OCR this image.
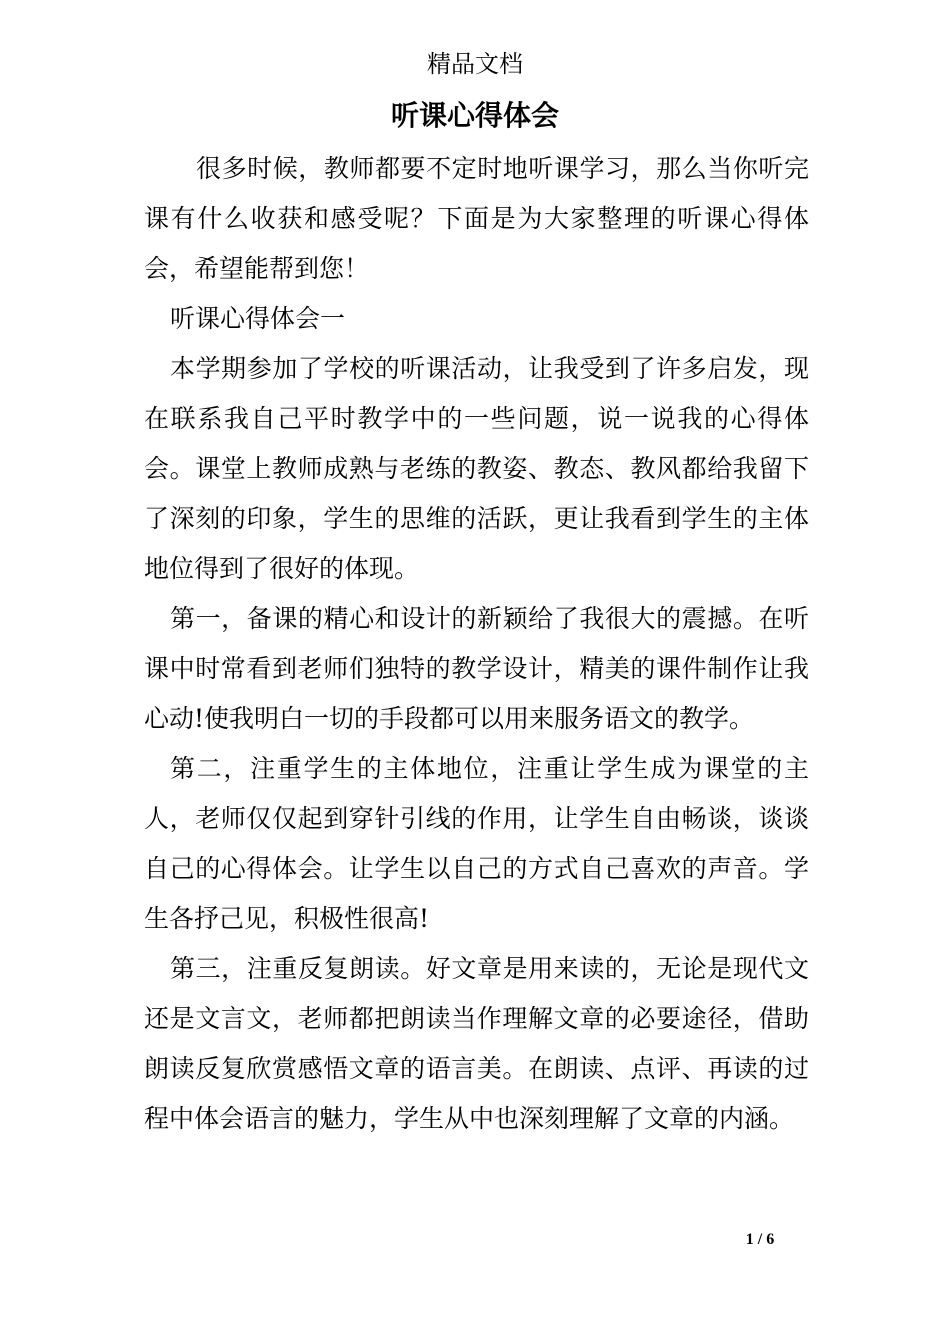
精品文档
听课心得体会

很多时候，教师都要不定时地听课学习，那么当你听完课有什么收获和感受呢？下面是为大家整理的听课心得体会，希望能帮到您！

听课心得体会一

本学期参加了学校的听课活动，让我受到了许多启发，现在联系我自己平时教学中的一些问题，说一说我的心得体会。课堂上教师成熟与老练的教姿、教态、教风都给我留下了深刻的印象，学生的思维的活跃，更让我看到学生的主体地位得到了很好的体现。

第一，备课的精心和设计的新颖给了我很大的震撼。在听课中时常看到老师们独特的教学设计，精美的课件制作让我心动!使我明白一切的手段都可以用来服务语文的教学。

第二，注重学生的主体地位，注重让学生成为课堂的主人，老师仅仅起到穿针引线的作用，让学生自由畅谈，谈谈自己的心得体会。让学生以自己的方式自己喜欢的声音。学生各抒己见，积极性很高!

第三，注重反复朗读。好文章是用来读的，无论是现代文还是文言文，老师都把朗读当作理解文章的必要途径，借助朗读反复欣赏感悟文章的语言美。在朗读、点评、再读的过程中体会语言的魅力，学生从中也深刻理解了文章的内涵。

1 / 6
